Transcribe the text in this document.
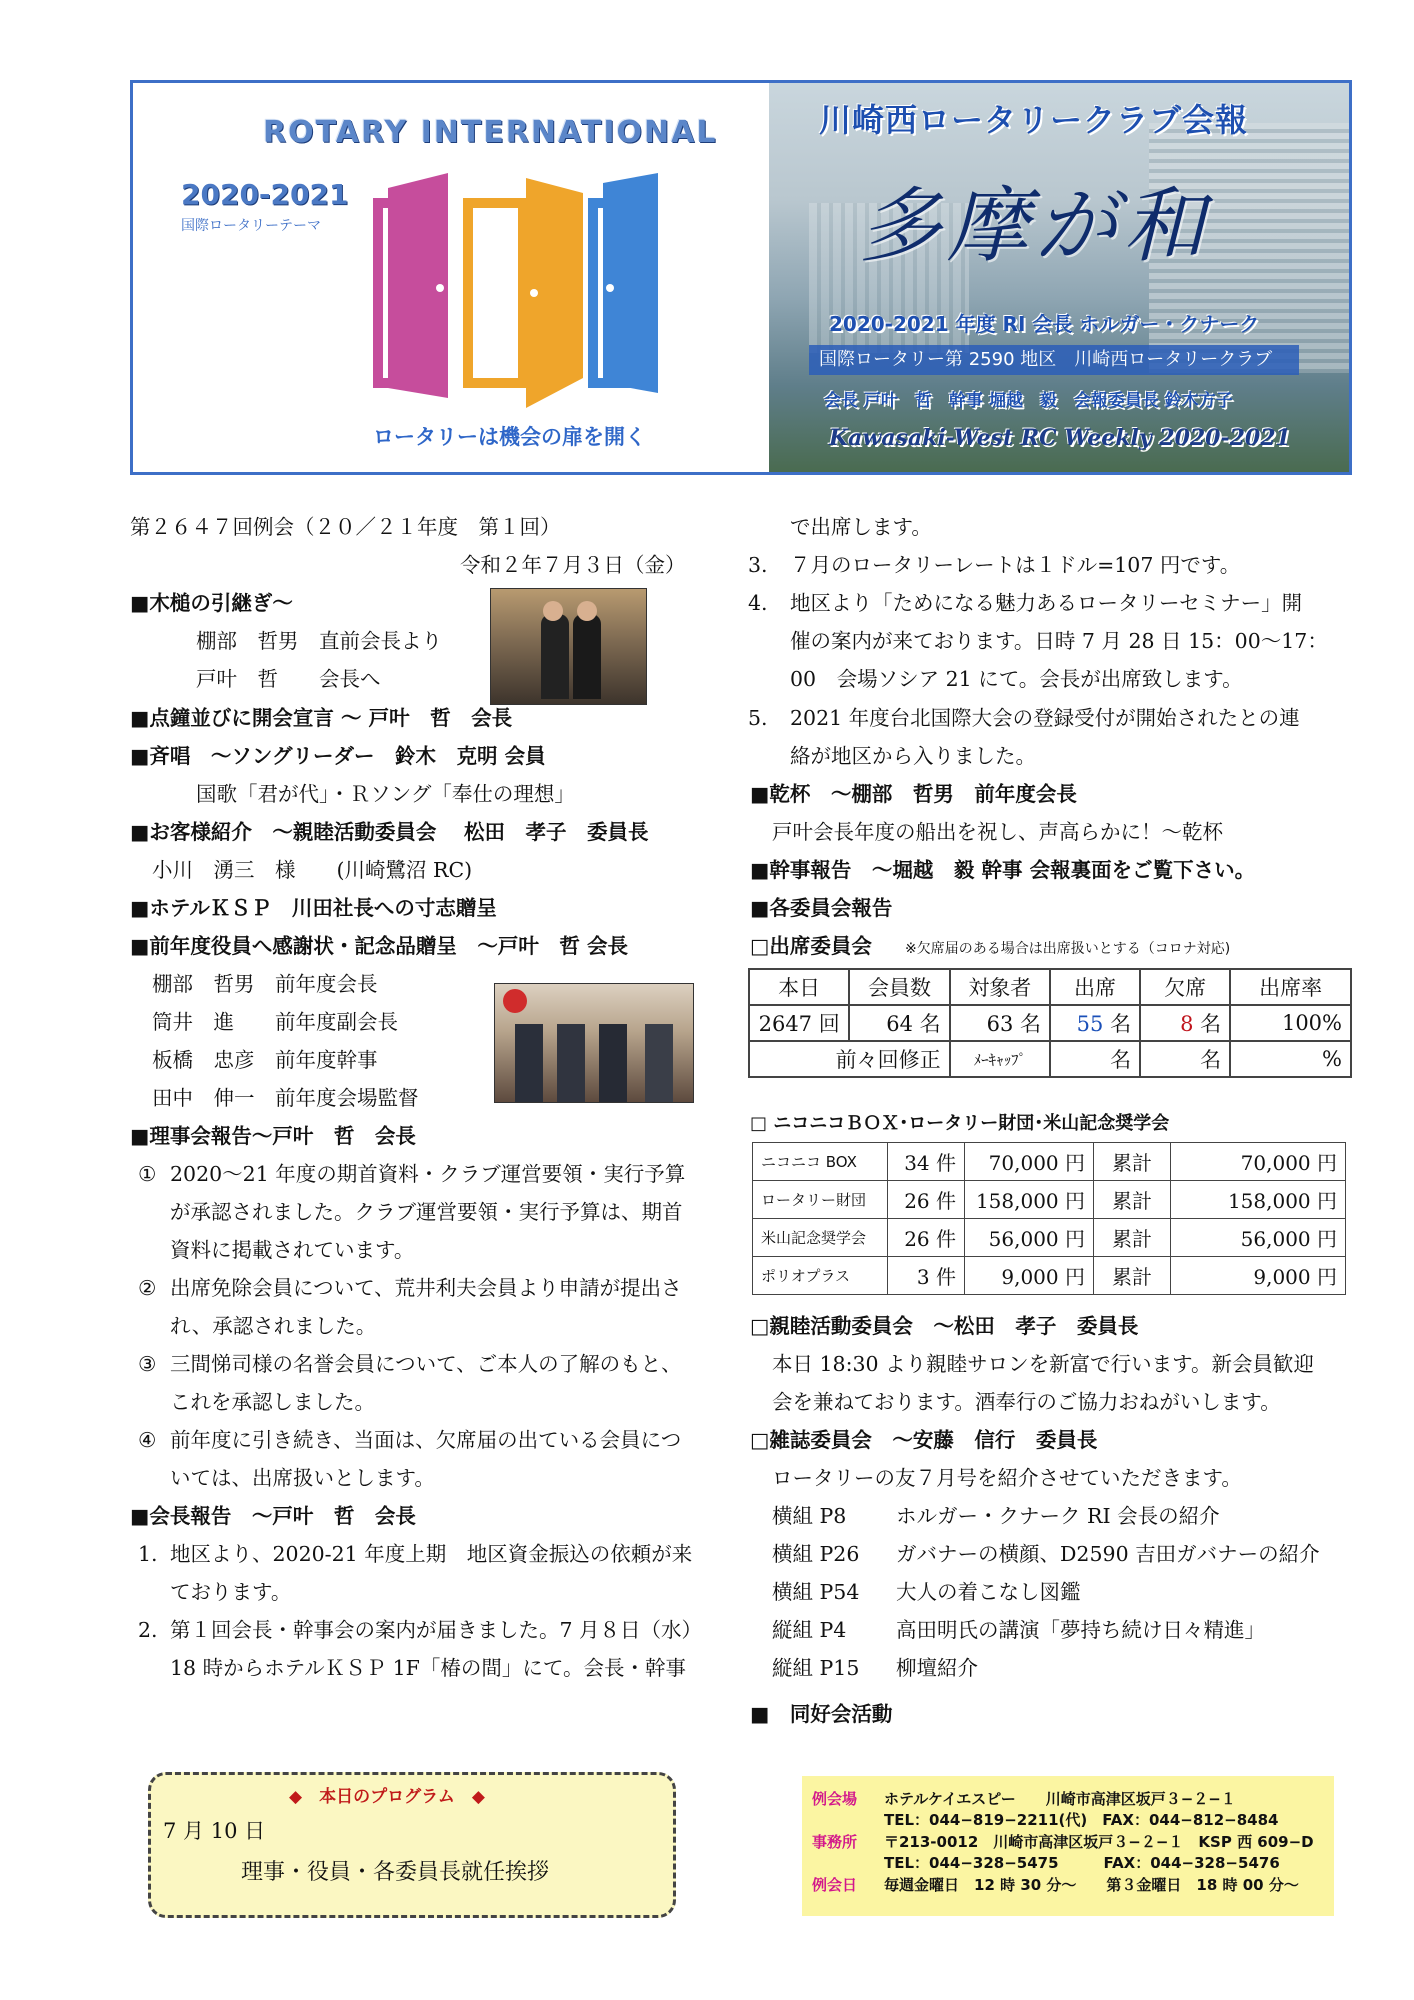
ROTARY INTERNATIONAL
2020-2021
国際ロータリーテーマ
ロータリーは機会の扉を開く
川崎西ロータリークラブ会報
多摩が和
2020-2021 年度 RI 会長 ホルガー・クナーク
国際ロータリー第 2590 地区　川崎西ロータリークラブ
会長 戸叶　哲　幹事 堀越　毅　会報委員長 鈴木方子
Kawasaki-West RC Weekly 2020-2021
第２６４７回例会（２０／２１年度　第１回）
令和２年７月３日（金）
■木槌の引継ぎ～
棚部　哲男　直前会長より
戸叶　哲　　会長へ
■点鐘並びに開会宣言 ～ 戸叶　哲　会長
■斉唱　～ソングリーダー　鈴木　克明 会員
国歌「君が代」・Ｒソング「奉仕の理想」
■お客様紹介　～親睦活動委員会　 松田　孝子　委員長
小川　湧三　様　　(川崎鷺沼 RC)
■ホテルＫＳＰ　川田社長への寸志贈呈
■前年度役員へ感謝状・記念品贈呈　～戸叶　哲 会長
棚部　哲男　前年度会長
筒井　進　　前年度副会長
板橋　忠彦　前年度幹事
田中　伸一　前年度会場監督
■理事会報告～戸叶　哲　会長
① 2020～21 年度の期首資料・クラブ運営要領・実行予算
が承認されました。クラブ運営要領・実行予算は、期首
資料に掲載されています。
② 出席免除会員について、荒井利夫会員より申請が提出さ
れ、承認されました。
③ 三間悌司様の名誉会員について、ご本人の了解のもと、
これを承認しました。
④ 前年度に引き続き、当面は、欠席届の出ている会員につ
いては、出席扱いとします。
■会長報告　～戸叶　哲　会長
1. 地区より、2020-21 年度上期　地区資金振込の依頼が来
ております。
2. 第１回会長・幹事会の案内が届きました。7 月８日（水）
18 時からホテルＫＳＰ 1F「椿の間」にて。会長・幹事
で出席します。
3. ７月のロータリーレートは１ドル=107 円です。
4. 地区より「ためになる魅力あるロータリーセミナー」開
催の案内が来ております。日時 7 月 28 日 15：00～17：
00　会場ソシア 21 にて。会長が出席致します。
5. 2021 年度台北国際大会の登録受付が開始されたとの連
絡が地区から入りました。
■乾杯　～棚部　哲男　前年度会長
戸叶会長年度の船出を祝し、声高らかに！～乾杯
■幹事報告　～堀越　毅 幹事 会報裏面をご覧下さい。
■各委員会報告
□出席委員会 ※欠席届のある場合は出席扱いとする（コロナ対応)
本日	会員数	対象者	出席	欠席	出席率
2647 回	64 名	63 名	55 名	8 名	100%
前々回修正		ﾒｰｷｬｯﾌﾟ	名	名	%
□ ニコニコＢＯＸ･ロータリー財団･米山記念奨学会
ニコニコ BOX	34 件	70,000 円	累計	70,000 円
ロータリー財団	26 件	158,000 円	累計	158,000 円
米山記念奨学会	26 件	56,000 円	累計	56,000 円
ポリオプラス	3 件	9,000 円	累計	9,000 円
□親睦活動委員会　～松田　孝子　委員長
本日 18:30 より親睦サロンを新富で行います。新会員歓迎
会を兼ねております。酒奉行のご協力おねがいします。
□雑誌委員会　～安藤　信行　委員長
ロータリーの友７月号を紹介させていただきます。
横組 P8 ホルガー・クナーク RI 会長の紹介
横組 P26 ガバナーの横顔、D2590 吉田ガバナーの紹介
横組 P54 大人の着こなし図鑑
縦組 P4 高田明氏の講演「夢持ち続け日々精進」
縦組 P15 柳壇紹介
■　同好会活動
◆　本日のプログラム　◆
7 月 10 日
理事・役員・各委員長就任挨拶
例会場 ホテルケイエスピー　　川崎市高津区坂戸３−２−１
TEL：044−819−2211(代)　FAX：044−812−8484
事務所 〒213-0012　川崎市高津区坂戸３−２−１　KSP 西 609−D
TEL：044−328−5475　　　FAX：044−328−5476
例会日 毎週金曜日　12 時 30 分～　　第３金曜日　18 時 00 分～
